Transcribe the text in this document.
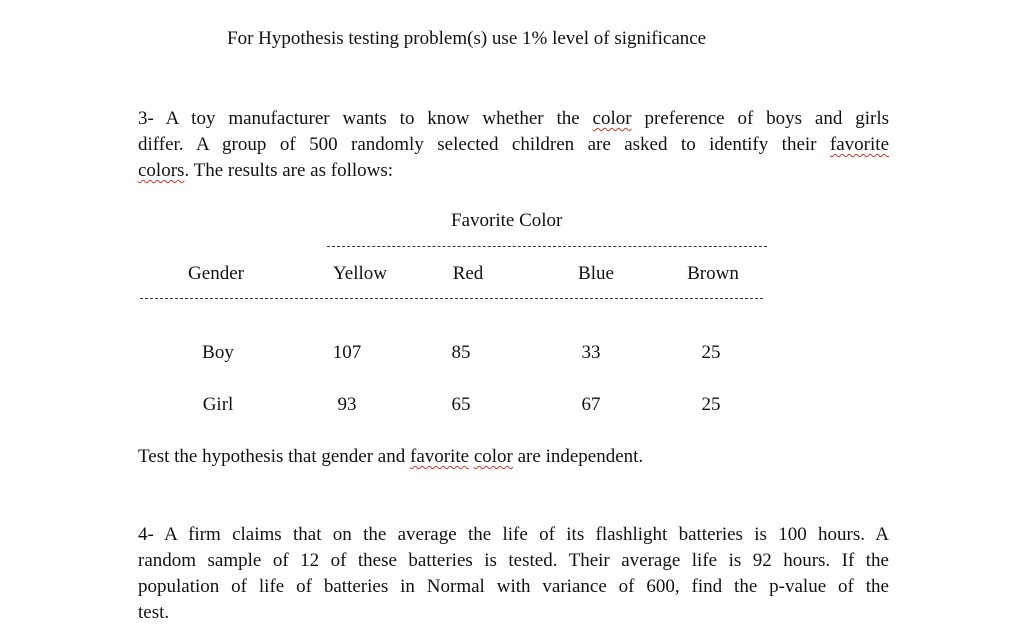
For Hypothesis testing problem(s) use 1% level of significance
3- A toy manufacturer wants to know whether the color preference of boys and girls
differ. A group of 500 randomly selected children are asked to identify their favorite
colors. The results are as follows:
Favorite Color
Gender	Yellow	Red	Blue	Brown
Boy	107	85	33	25
Girl	93	65	67	25
Test the hypothesis that gender and favorite color are independent.
4- A firm claims that on the average the life of its flashlight batteries is 100 hours. A
random sample of 12 of these batteries is tested. Their average life is 92 hours. If the
population of life of batteries in Normal with variance of 600, find the p-value of the
test.
